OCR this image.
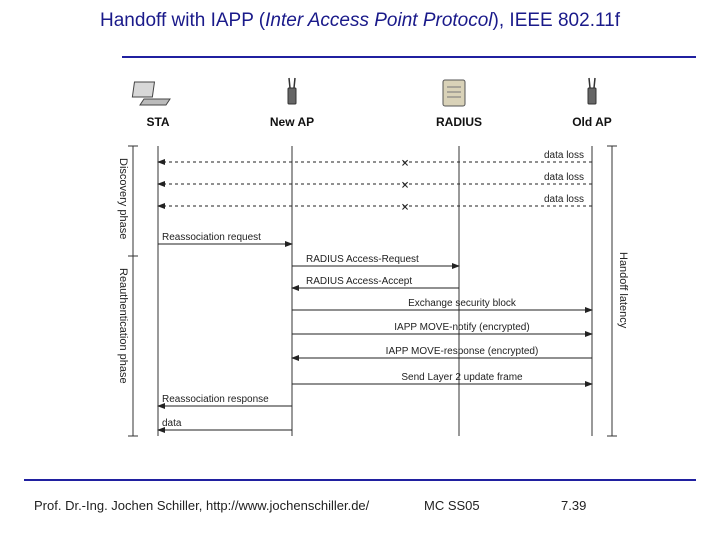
Handoff with IAPP (Inter Access Point Protocol), IEEE 802.11f
STA	New AP	RADIUS	Old AP
Discovery phase
Reauthentication phase	Handoff latency
data loss
×
data loss
×
data loss
×
Reassociation request
RADIUS Access-Request
RADIUS Access-Accept
Exchange security block
IAPP MOVE-notify (encrypted)
IAPP MOVE-response (encrypted)
Send Layer 2 update frame
Reassociation response
data
Prof. Dr.-Ing. Jochen Schiller, http://www.jochenschiller.de/	MC SS05	7.39
